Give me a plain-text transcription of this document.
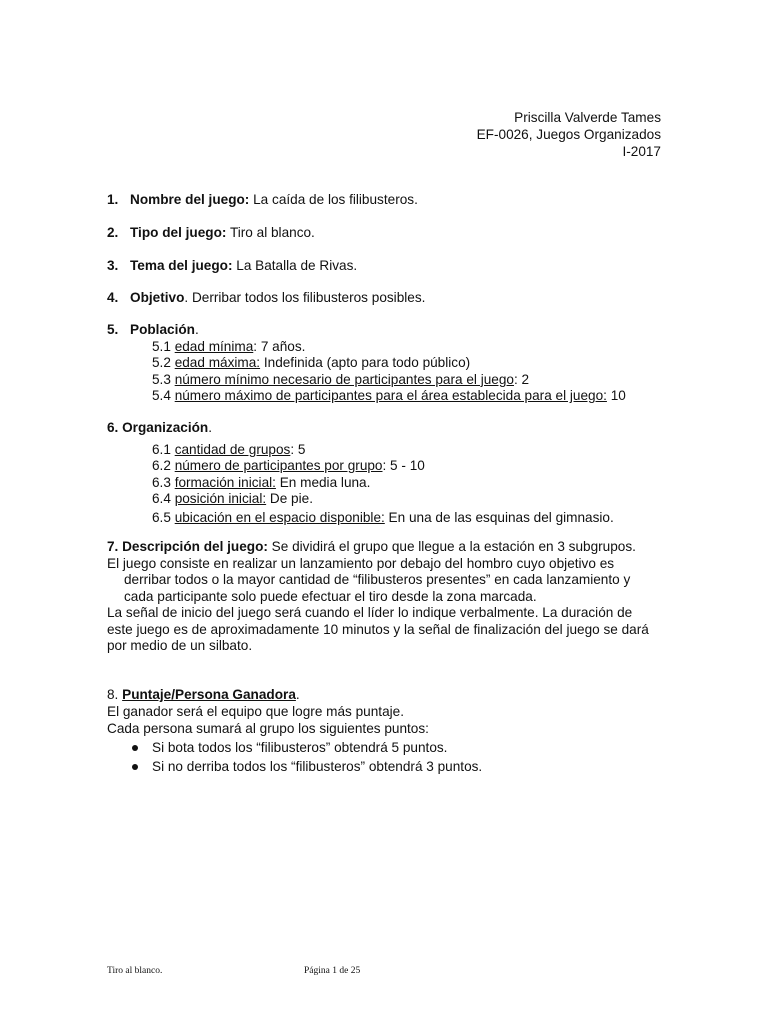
Priscilla Valverde Tames
EF-0026, Juegos Organizados
I-2017
1. Nombre del juego: La caída de los filibusteros.
2. Tipo del juego: Tiro al blanco.
3. Tema del juego: La Batalla de Rivas.
4. Objetivo. Derribar todos los filibusteros posibles.
5. Población.
5.1 edad mínima: 7 años.
5.2 edad máxima: Indefinida (apto para todo público)
5.3 número mínimo necesario de participantes para el juego: 2
5.4 número máximo de participantes para el área establecida para el juego: 10
6. Organización.
6.1 cantidad de grupos: 5
6.2 número de participantes por grupo: 5 - 10
6.3 formación inicial: En media luna.
6.4 posición inicial: De pie.
6.5 ubicación en el espacio disponible: En una de las esquinas del gimnasio.
7. Descripción del juego: Se dividirá el grupo que llegue a la estación en 3 subgrupos.
El juego consiste en realizar un lanzamiento por debajo del hombro cuyo objetivo es
derribar todos o la mayor cantidad de “filibusteros presentes” en cada lanzamiento y
cada participante solo puede efectuar el tiro desde la zona marcada.
La señal de inicio del juego será cuando el líder lo indique verbalmente. La duración de
este juego es de aproximadamente 10 minutos y la señal de finalización del juego se dará
por medio de un silbato.
8. Puntaje/Persona Ganadora.
El ganador será el equipo que logre más puntaje.
Cada persona sumará al grupo los siguientes puntos:
Si bota todos los “filibusteros” obtendrá 5 puntos.
Si no derriba todos los “filibusteros” obtendrá 3 puntos.
Tiro al blanco.	Página 1 de 25
